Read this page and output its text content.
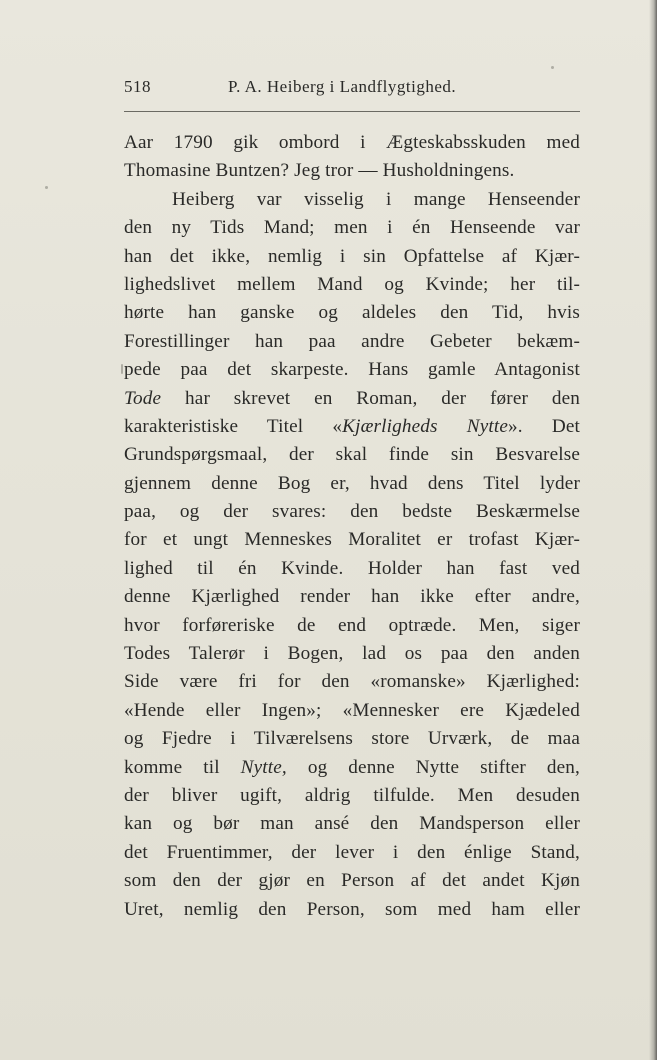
518	P. A. Heiberg i Landflygtighed.
Aar 1790 gik ombord i Ægteskabsskuden med
Thomasine Buntzen? Jeg tror — Husholdningens.
Heiberg var visselig i mange Henseender
den ny Tids Mand; men i én Henseende var
han det ikke, nemlig i sin Opfattelse af Kjær-
lighedslivet mellem Mand og Kvinde; her til-
hørte han ganske og aldeles den Tid, hvis
Forestillinger han paa andre Gebeter bekæm-
pede paa det skarpeste. Hans gamle Antagonist
Tode har skrevet en Roman, der fører den
karakteristiske Titel «Kjærligheds Nytte». Det
Grundspørgsmaal, der skal finde sin Besvarelse
gjennem denne Bog er, hvad dens Titel lyder
paa, og der svares: den bedste Beskærmelse
for et ungt Menneskes Moralitet er trofast Kjær-
lighed til én Kvinde. Holder han fast ved
denne Kjærlighed render han ikke efter andre,
hvor forføreriske de end optræde. Men, siger
Todes Talerør i Bogen, lad os paa den anden
Side være fri for den «romanske» Kjærlighed:
«Hende eller Ingen»; «Mennesker ere Kjædeled
og Fjedre i Tilværelsens store Urværk, de maa
komme til Nytte, og denne Nytte stifter den,
der bliver ugift, aldrig tilfulde. Men desuden
kan og bør man ansé den Mandsperson eller
det Fruentimmer, der lever i den énlige Stand,
som den der gjør en Person af det andet Kjøn
Uret, nemlig den Person, som med ham eller
